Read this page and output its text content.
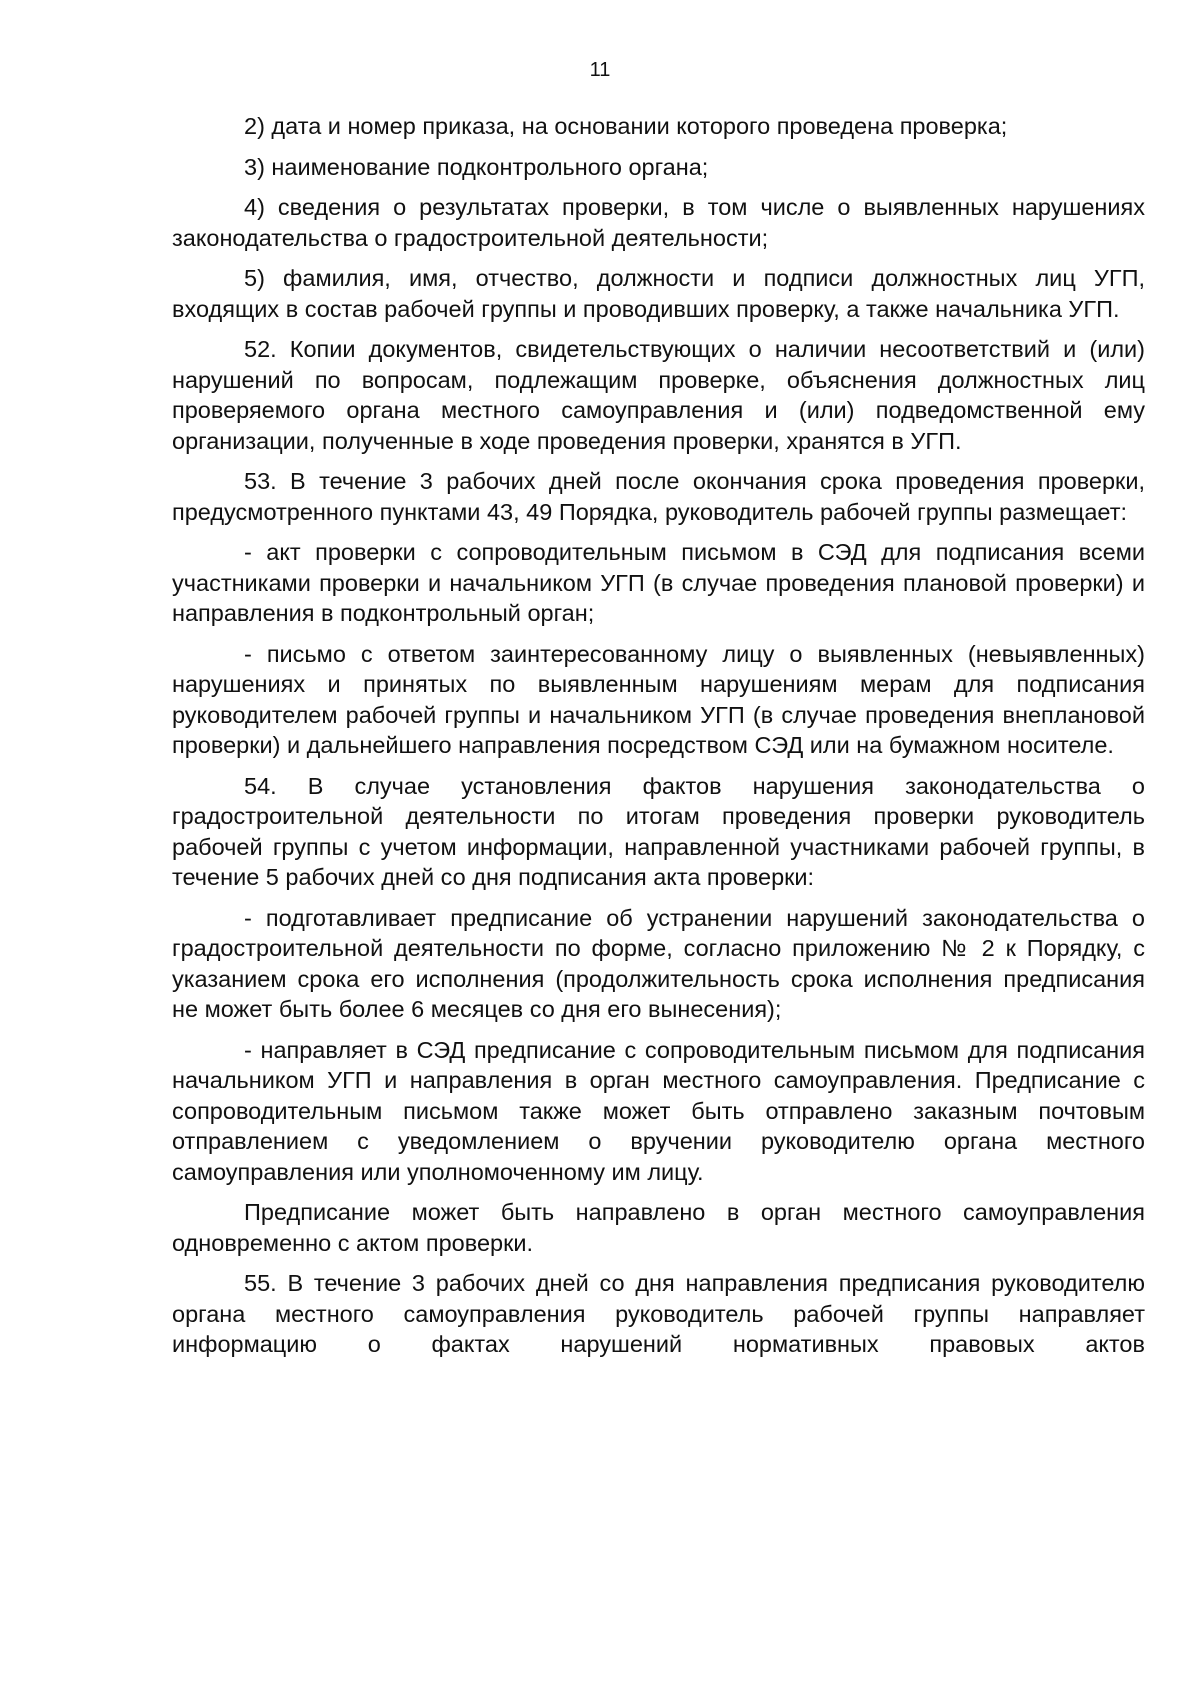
11

2) дата и номер приказа, на основании которого проведена проверка;

3) наименование подконтрольного органа;

4) сведения о результатах проверки, в том числе о выявленных нарушениях законодательства о градостроительной деятельности;

5) фамилия, имя, отчество, должности и подписи должностных лиц УГП, входящих в состав рабочей группы и проводивших проверку, а также начальника УГП.

52. Копии документов, свидетельствующих о наличии несоответствий и (или) нарушений по вопросам, подлежащим проверке, объяснения должностных лиц проверяемого органа местного самоуправления и (или) подведомственной ему организации, полученные в ходе проведения проверки, хранятся в УГП.

53. В течение 3 рабочих дней после окончания срока проведения проверки, предусмотренного пунктами 43, 49 Порядка, руководитель рабочей группы размещает:

- акт проверки с сопроводительным письмом в СЭД для подписания всеми участниками проверки и начальником УГП (в случае проведения плановой проверки) и направления в подконтрольный орган;

- письмо с ответом заинтересованному лицу о выявленных (невыявленных) нарушениях и принятых по выявленным нарушениям мерам для подписания руководителем рабочей группы и начальником УГП (в случае проведения внеплановой проверки) и дальнейшего направления посредством СЭД или на бумажном носителе.

54. В случае установления фактов нарушения законодательства о градостроительной деятельности по итогам проведения проверки руководитель рабочей группы с учетом информации, направленной участниками рабочей группы, в течение 5 рабочих дней со дня подписания акта проверки:

- подготавливает предписание об устранении нарушений законодательства о градостроительной деятельности по форме, согласно приложению № 2 к Порядку, с указанием срока его исполнения (продолжительность срока исполнения предписания не может быть более 6 месяцев со дня его вынесения);

- направляет в СЭД предписание с сопроводительным письмом для подписания начальником УГП и направления в орган местного самоуправления. Предписание с сопроводительным письмом также может быть отправлено заказным почтовым отправлением с уведомлением о вручении руководителю органа местного самоуправления или уполномоченному им лицу.

Предписание может быть направлено в орган местного самоуправления одновременно с актом проверки.

55. В течение 3 рабочих дней со дня направления предписания руководителю органа местного самоуправления руководитель рабочей группы направляет информацию о фактах нарушений нормативных правовых актов
